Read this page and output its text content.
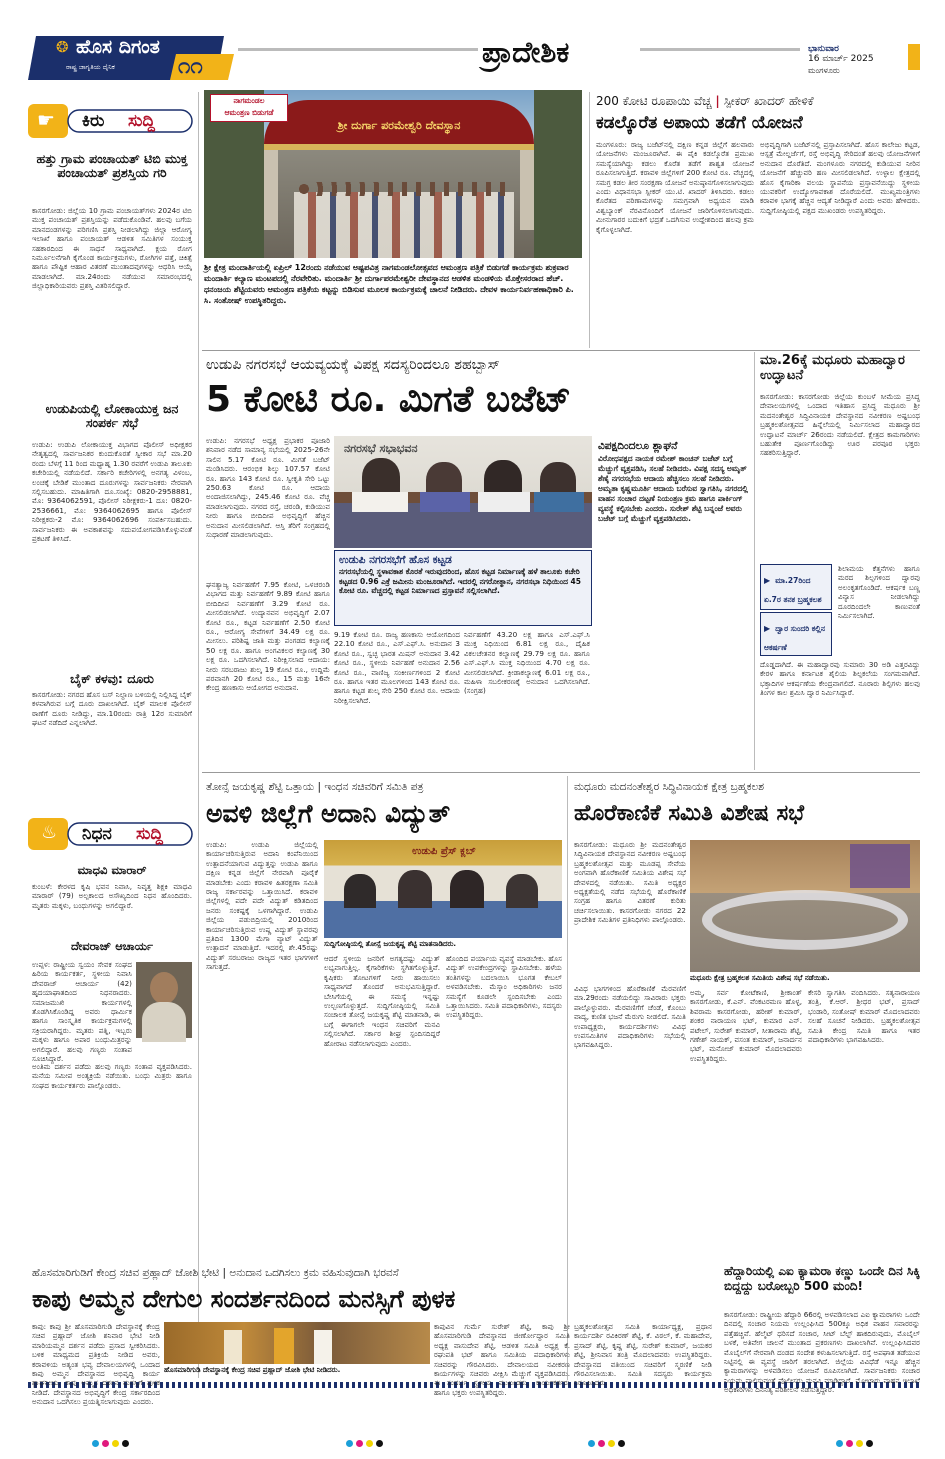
❂ ಹೊಸ ದಿಗಂತ
ರಾಷ್ಟ್ರ ಜಾಗೃತಿಯ ದೈನಿಕ	೧೧	ಪ್ರಾದೇಶಿಕ	ಭಾನುವಾರ
16 ಮಾರ್ಚ್ 2025
ಮಂಗಳೂರು
☛ ಕಿರು ಸುದ್ದಿ
ಹತ್ತು ಗ್ರಾಮ ಪಂಚಾಯತ್ ಟಿಬಿ ಮುಕ್ತ ಪಂಚಾಯತ್ ಪ್ರಶಸ್ತಿಯ ಗರಿ
ಕಾಸರಗೋಡು: ಜಿಲ್ಲೆಯ 10 ಗ್ರಾಮ ಪಂಚಾಯತ್‌ಗಳು 2024ರ ಟಿಬಿ ಮುಕ್ತ ಪಂಚಾಯತ್ ಪ್ರಶಸ್ತಿಯನ್ನು ಪಡೆದುಕೊಂಡಿವೆ. ಹಲವು ಬಗೆಯ ಮಾನದಂಡಗಳನ್ನು ಪರಿಗಣಿಸಿ ಪ್ರಶಸ್ತಿ ನೀಡಲಾಗಿದ್ದು ಜಿಲ್ಲಾ ಆರೋಗ್ಯ ಇಲಾಖೆ ಹಾಗೂ ಪಂಚಾಯತ್ ಆಡಳಿತ ಸಮಿತಿಗಳ ಸಂಯುಕ್ತ ಸಹಕಾರದಿಂದ ಈ ಸಾಧನೆ ಸಾಧ್ಯವಾಗಿದೆ. ಕ್ಷಯ ರೋಗ ನಿರ್ಮೂಲನೆಗಾಗಿ ಕೈಗೊಂಡ ಕಾರ್ಯಕ್ರಮಗಳು, ರೋಗಿಗಳ ಪತ್ತೆ, ಚಿಕಿತ್ಸೆ ಹಾಗೂ ಪೌಷ್ಟಿಕ ಆಹಾರ ವಿತರಣೆ ಮುಂತಾದವುಗಳನ್ನು ಆಧರಿಸಿ ಆಯ್ಕೆ ಮಾಡಲಾಗಿದೆ. ಮಾ.24ರಂದು ನಡೆಯುವ ಸಮಾರಂಭದಲ್ಲಿ ಜಿಲ್ಲಾಧಿಕಾರಿಯವರು ಪ್ರಶಸ್ತಿ ವಿತರಿಸಲಿದ್ದಾರೆ.
ಉಡುಪಿಯಲ್ಲಿ ಲೋಕಾಯುಕ್ತ ಜನ ಸಂಪರ್ಕ ಸಭೆ
ಉಡುಪಿ: ಉಡುಪಿ ಲೋಕಾಯುಕ್ತ ವಿಭಾಗದ ಪೊಲೀಸ್ ಅಧೀಕ್ಷಕರ ನೇತೃತ್ವದಲ್ಲಿ ಸಾರ್ವಜನಿಕರ ಕುಂದುಕೊರತೆ ಸ್ವೀಕಾರ ಸಭೆ ಮಾ.20 ರಂದು ಬೆಳಗ್ಗೆ 11 ರಿಂದ ಮಧ್ಯಾಹ್ನ 1.30 ರವರೆಗೆ ಉಡುಪಿ ತಾಲೂಕು ಕಚೇರಿಯಲ್ಲಿ ನಡೆಯಲಿದೆ. ಸರ್ಕಾರಿ ಕಚೇರಿಗಳಲ್ಲಿ ಅನಗತ್ಯ ವಿಳಂಬ, ಲಂಚಕ್ಕೆ ಬೇಡಿಕೆ ಮುಂತಾದ ದೂರುಗಳನ್ನು ಸಾರ್ವಜನಿಕರು ನೇರವಾಗಿ ಸಲ್ಲಿಸಬಹುದು. ಮಾಹಿತಿಗಾಗಿ ದೂ.ಸಂಖ್ಯೆ: 0820-2958881, ಮೊ: 9364062591, ಪೊಲೀಸ್ ನಿರೀಕ್ಷಕರು-1 ದೂ: 0820-2536661, ಮೊ: 9364062695 ಹಾಗೂ ಪೊಲೀಸ್ ನಿರೀಕ್ಷಕರು-2 ಮೊ: 9364062696 ಸಂಪರ್ಕಿಸಬಹುದು. ಸಾರ್ವಜನಿಕರು ಈ ಅವಕಾಶವನ್ನು ಸದುಪಯೋಗಪಡಿಸಿಕೊಳ್ಳುವಂತೆ ಪ್ರಕಟಣೆ ತಿಳಿಸಿದೆ.
ಬೈಕ್ ಕಳವು: ದೂರು
ಕಾಸರಗೋಡು: ನಗರದ ಹೊಸ ಬಸ್ ನಿಲ್ದಾಣ ಬಳಿಯಲ್ಲಿ ನಿಲ್ಲಿಸಿದ್ದ ಬೈಕ್ ಕಳವಾಗಿರುವ ಬಗ್ಗೆ ದೂರು ದಾಖಲಾಗಿದೆ. ಬೈಕ್ ಮಾಲಕ ಪೊಲೀಸ್ ಠಾಣೆಗೆ ದೂರು ನೀಡಿದ್ದು, ಮಾ.10ರಂದು ರಾತ್ರಿ 12ರ ಸುಮಾರಿಗೆ ಘಟನೆ ನಡೆದಿದೆ ಎನ್ನಲಾಗಿದೆ.
♨ ನಿಧನ ಸುದ್ದಿ
ಮಾಧವಿ ಮಾರಾರ್
ಕುಂಬಳೆ: ಕೇರಳದ ಕೃಷಿ ಭವನ ನಿವಾಸಿ, ನಿವೃತ್ತ ಶಿಕ್ಷಕಿ ಮಾಧವಿ ಮಾರಾರ್ (79) ಅಲ್ಪಕಾಲದ ಅಸೌಖ್ಯದಿಂದ ನಿಧನ ಹೊಂದಿದರು. ಮೃತರು ಮಕ್ಕಳು, ಬಂಧುಗಳನ್ನು ಅಗಲಿದ್ದಾರೆ.
ದೇವರಾಜ್ ಆಚಾರ್ಯ
ಉಪ್ಪಳ: ರಾಷ್ಟ್ರೀಯ ಸ್ವಯಂ ಸೇವಕ ಸಂಘದ ಹಿರಿಯ ಕಾರ್ಯಕರ್ತ, ಸ್ಥಳೀಯ ನಿವಾಸಿ ದೇವರಾಜ್ ಆಚಾರ್ಯ (42) ಹೃದಯಾಘಾತದಿಂದ ನಿಧನರಾದರು. ಸಮಾಜಮುಖಿ ಕಾರ್ಯಗಳಲ್ಲಿ ತೊಡಗಿಸಿಕೊಂಡಿದ್ದ ಅವರು ಧಾರ್ಮಿಕ ಹಾಗೂ ಸಾಂಸ್ಕೃತಿಕ ಕಾರ್ಯಕ್ರಮಗಳಲ್ಲಿ ಸಕ್ರಿಯರಾಗಿದ್ದರು. ಮೃತರು ಪತ್ನಿ, ಇಬ್ಬರು ಮಕ್ಕಳು ಹಾಗೂ ಅಪಾರ ಬಂಧುಮಿತ್ರರನ್ನು ಅಗಲಿದ್ದಾರೆ. ಹಲವು ಗಣ್ಯರು ಸಂತಾಪ ಸೂಚಿಸಿದ್ದಾರೆ.
ಅಂತಿಮ ದರ್ಶನ ಪಡೆದು ಹಲವು ಗಣ್ಯರು ಸಂತಾಪ ವ್ಯಕ್ತಪಡಿಸಿದರು. ಮನೆಯ ಸಮೀಪ ಅಂತ್ಯಕ್ರಿಯೆ ನಡೆಯಿತು. ಬಂಧು ಮಿತ್ರರು ಹಾಗೂ ಸಂಘದ ಕಾರ್ಯಕರ್ತರು ಪಾಲ್ಗೊಂಡರು.
ಶ್ರೀ ದುರ್ಗಾ ಪರಮೇಶ್ವರಿ ದೇವಸ್ಥಾನ
ನಾಗಮಂಡಲ
ಆಮಂತ್ರಣ ಬಿಡುಗಡೆ
ಶ್ರೀ ಕ್ಷೇತ್ರ ಮಂದಾರ್ತಿಯಲ್ಲಿ ಏಪ್ರಿಲ್ 12ರಂದು ನಡೆಯುವ ಅಷ್ಟಪವಿತ್ರ ನಾಗಮಂಡಲೋತ್ಸವದ ಆಮಂತ್ರಣ ಪತ್ರಿಕೆ ಬಿಡುಗಡೆ ಕಾರ್ಯಕ್ರಮ ಶುಕ್ರವಾರ ಮಂದಾರ್ತಿ ಕಲ್ಯಾಣ ಮಂಟಪದಲ್ಲಿ ನೆರವೇರಿತು. ಮಂದಾರ್ತಿ ಶ್ರೀ ದುರ್ಗಾಪರಮೇಶ್ವರೀ ದೇವಸ್ಥಾನದ ಆಡಳಿತ ಮಂಡಳಿಯ ಮೊಕ್ತೇಸರರಾದ ಹೆಚ್. ಧನಂಜಯ ಶೆಟ್ಟಿಯವರು ಆಮಂತ್ರಣ ಪತ್ರಿಕೆಯ ಕಟ್ಟನ್ನು ಬಿಡಿಸುವ ಮೂಲಕ ಕಾರ್ಯಕ್ರಮಕ್ಕೆ ಚಾಲನೆ ನೀಡಿದರು. ದೇವಳ ಕಾರ್ಯನಿರ್ವಹಣಾಧಿಕಾರಿ ಪಿ. ಸಿ. ಸಂತೋಷ್ ಉಪಸ್ಥಿತರಿದ್ದರು.
200 ಕೋಟಿ ರೂಪಾಯಿ ವೆಚ್ಚ | ಸ್ಪೀಕರ್ ಖಾದರ್ ಹೇಳಿಕೆ
ಕಡಲ್ಕೊರೆತ ಅಪಾಯ ತಡೆಗೆ ಯೋಜನೆ
ಮಂಗಳೂರು: ರಾಜ್ಯ ಬಜೆಟ್‌ನಲ್ಲಿ ದಕ್ಷಿಣ ಕನ್ನಡ ಜಿಲ್ಲೆಗೆ ಹಲವಾರು ಯೋಜನೆಗಳು ಮಂಜೂರಾಗಿವೆ. ಈ ಪೈಕಿ ಕಡಲ್ಕೊರೆತ ಪ್ರಮುಖ ಸಮಸ್ಯೆಯಾಗಿದ್ದು ಕಡಲು ಕೊರೆತ ತಡೆಗೆ ಶಾಶ್ವತ ಯೋಜನೆ ರೂಪಿಸಲಾಗುತ್ತಿದೆ. ಕರಾವಳಿ ಜಿಲ್ಲೆಗಳಿಗೆ 200 ಕೋಟಿ ರೂ. ವೆಚ್ಚದಲ್ಲಿ ಸಮಗ್ರ ಕಡಲ ತೀರ ಸಂರಕ್ಷಣಾ ಯೋಜನೆ ಅನುಷ್ಠಾನಗೊಳಿಸಲಾಗುವುದು ಎಂದು ವಿಧಾನಸಭಾ ಸ್ಪೀಕರ್ ಯು.ಟಿ. ಖಾದರ್ ತಿಳಿಸಿದರು. ಕಡಲು ಕೊರೆತದ ಪರಿಣಾಮಗಳನ್ನು ಸಮಗ್ರವಾಗಿ ಅಧ್ಯಯನ ಮಾಡಿ ವಿಶ್ವಬ್ಯಾಂಕ್ ನೆರವಿನೊಂದಿಗೆ ಯೋಜನೆ ಜಾರಿಗೊಳಿಸಲಾಗುವುದು. ಮೀನುಗಾರರ ಬದುಕಿಗೆ ಭದ್ರತೆ ಒದಗಿಸುವ ಉದ್ದೇಶದಿಂದ ಹಲವು ಕ್ರಮ ಕೈಗೊಳ್ಳಲಾಗಿದೆ.
ಅಭಿವೃದ್ಧಿಗಾಗಿ ಬಜೆಟ್‌ನಲ್ಲಿ ಪ್ರಸ್ತಾಪಿಸಲಾಗಿದೆ. ಹೊಸ ಕಾಲೇಜು ಕಟ್ಟಡ, ಆಸ್ಪತ್ರೆ ಮೇಲ್ದರ್ಜೆಗೆ, ರಸ್ತೆ ಅಭಿವೃದ್ಧಿ ಸೇರಿದಂತೆ ಹಲವು ಯೋಜನೆಗಳಿಗೆ ಅನುದಾನ ದೊರೆತಿದೆ. ಮಂಗಳೂರು ನಗರದಲ್ಲಿ ಕುಡಿಯುವ ನೀರಿನ ಯೋಜನೆಗೆ ಹೆಚ್ಚುವರಿ ಹಣ ಮೀಸಲಿಡಲಾಗಿದೆ. ಉಳ್ಳಾಲ ಕ್ಷೇತ್ರದಲ್ಲಿ ಹೊಸ ಕೈಗಾರಿಕಾ ವಲಯ ಸ್ಥಾಪನೆಯ ಪ್ರಸ್ತಾವನೆಯಿದ್ದು ಸ್ಥಳೀಯ ಯುವಕರಿಗೆ ಉದ್ಯೋಗಾವಕಾಶ ದೊರೆಯಲಿದೆ. ಮುಖ್ಯಮಂತ್ರಿಗಳು ಕರಾವಳಿ ಭಾಗಕ್ಕೆ ಹೆಚ್ಚಿನ ಆದ್ಯತೆ ನೀಡಿದ್ದಾರೆ ಎಂದು ಅವರು ಹೇಳಿದರು. ಸುದ್ದಿಗೋಷ್ಠಿಯಲ್ಲಿ ಪಕ್ಷದ ಮುಖಂಡರು ಉಪಸ್ಥಿತರಿದ್ದರು.
ಉಡುಪಿ ನಗರಸಭೆ ಆಯವ್ಯಯಕ್ಕೆ ವಿಪಕ್ಷ ಸದಸ್ಯರಿಂದಲೂ ಶಹಬ್ಬಾಸ್
5 ಕೋಟಿ ರೂ. ಮಿಗತೆ ಬಜೆಟ್
ಉಡುಪಿ: ನಗರಸಭೆ ಅಧ್ಯಕ್ಷ ಪ್ರಭಾಕರ ಪೂಜಾರಿ ಶನಿವಾರ ನಡೆದ ಸಾಮಾನ್ಯ ಸಭೆಯಲ್ಲಿ 2025-26ನೇ ಸಾಲಿನ 5.17 ಕೋಟಿ ರೂ. ಮಿಗತೆ ಬಜೆಟ್ ಮಂಡಿಸಿದರು. ಆರಂಭಿಕ ಶಿಲ್ಕು 107.57 ಕೋಟಿ ರೂ. ಹಾಗೂ 143 ಕೋಟಿ ರೂ. ಸ್ವೀಕೃತಿ ಸೇರಿ ಒಟ್ಟು 250.63 ಕೋಟಿ ರೂ. ಆದಾಯ ಅಂದಾಜಿಸಲಾಗಿದ್ದು, 245.46 ಕೋಟಿ ರೂ. ವೆಚ್ಚ ಮಾಡಲಾಗುವುದು. ನಗರದ ರಸ್ತೆ, ಚರಂಡಿ, ಕುಡಿಯುವ ನೀರು ಹಾಗೂ ಬೀದಿದೀಪ ಅಭಿವೃದ್ಧಿಗೆ ಹೆಚ್ಚಿನ ಅನುದಾನ ಮೀಸಲಿಡಲಾಗಿದೆ. ಆಸ್ತಿ ತೆರಿಗೆ ಸಂಗ್ರಹದಲ್ಲಿ ಸುಧಾರಣೆ ಮಾಡಲಾಗುವುದು.
ಘನತ್ಯಾಜ್ಯ ನಿರ್ವಹಣೆಗೆ 7.95 ಕೋಟಿ, ಒಳಚರಂಡಿ ವಿಭಾಗದ ಮತ್ತು ನಿರ್ವಹಣೆಗೆ 9.89 ಕೋಟಿ ಹಾಗೂ ಬೀದಿದೀಪ ನಿರ್ವಹಣೆಗೆ 3.29 ಕೋಟಿ ರೂ. ಮೀಸಲಿಡಲಾಗಿದೆ. ಉದ್ಯಾನವನ ಅಭಿವೃದ್ಧಿಗೆ 2.07 ಕೋಟಿ ರೂ., ಕಟ್ಟಡ ನಿರ್ವಹಣೆಗೆ 2.50 ಕೋಟಿ ರೂ., ಆರೋಗ್ಯ ಸೇವೆಗಳಿಗೆ 34.49 ಲಕ್ಷ ರೂ. ಮೀಸಲು. ಪರಿಶಿಷ್ಟ ಜಾತಿ ಮತ್ತು ಪಂಗಡದ ಕಲ್ಯಾಣಕ್ಕೆ 50 ಲಕ್ಷ ರೂ. ಹಾಗೂ ಅಂಗವಿಕಲರ ಕಲ್ಯಾಣಕ್ಕೆ 30 ಲಕ್ಷ ರೂ. ಒದಗಿಸಲಾಗಿದೆ. ನಿರೀಕ್ಷಿಸಲಾದ ಆದಾಯ: ನೀರು ಸರಬರಾಜು ಶುಲ್ಕ 19 ಕೋಟಿ ರೂ., ಉದ್ದಿಮೆ ಪರವಾನಗಿ 20 ಕೋಟಿ ರೂ., 15 ಮತ್ತು 16ನೇ ಕೇಂದ್ರ ಹಣಕಾಸು ಆಯೋಗದ ಅನುದಾನ.
ನಗರಸಭೆ ಸಭಾಭವನ
ಉಡುಪಿ ನಗರಸಭೆಗೆ ಹೊಸ ಕಟ್ಟಡ
ನಗರಸಭೆಯಲ್ಲಿ ಸ್ಥಳಾವಕಾಶ ಕೊರತೆ ಇರುವುದರಿಂದ, ಹೊಸ ಕಟ್ಟಡ ನಿರ್ಮಾಣಕ್ಕೆ ಹಳೆ ತಾಲೂಕು ಕಚೇರಿ ಕಟ್ಟಡದ 0.96 ಎಕ್ರೆ ಜಮೀನು ಮಂಜೂರಾಗಿದೆ. ಇದರಲ್ಲಿ ನಗರೋತ್ಥಾನ, ನಗರಸಭಾ ನಿಧಿಯಿಂದ 45 ಕೋಟಿ ರೂ. ವೆಚ್ಚದಲ್ಲಿ ಕಟ್ಟಡ ನಿರ್ಮಾಣದ ಪ್ರಸ್ತಾವನೆ ಸಲ್ಲಿಸಲಾಗಿದೆ.
9.19 ಕೋಟಿ ರೂ. ರಾಜ್ಯ ಹಣಕಾಸು ಆಯೋಗದಿಂದ 22.10 ಕೋಟಿ ರೂ., ಎಸ್.ಎಫ್.ಸಿ. ಅನುದಾನ 3 ಕೋಟಿ ರೂ., ಸ್ವಚ್ಛ ಭಾರತ ಮಿಷನ್ ಅನುದಾನ 3.42 ಕೋಟಿ ರೂ., ಸ್ಥಳೀಯ ನಿರ್ವಹಣೆ ಅನುದಾನ 2.56 ಕೋಟಿ ರೂ., ವಾಣಿಜ್ಯ ಸಂಕೀರ್ಣಗಳಿಂದ 2 ಕೋಟಿ ರೂ. ಹಾಗೂ ಇತರ ಮೂಲಗಳಿಂದ 143 ಕೋಟಿ ರೂ. ಹಾಗೂ ಕಟ್ಟಡ ಶುಲ್ಕ ಸೇರಿ 250 ಕೋಟಿ ರೂ. ಆದಾಯ ನಿರೀಕ್ಷಿಸಲಾಗಿದೆ.
ನಿರ್ವಹಣೆಗೆ 43.20 ಲಕ್ಷ ಹಾಗೂ ಎಸ್.ಎಫ್.ಸಿ ಮುಕ್ತ ನಿಧಿಯಿಂದ 6.81 ಲಕ್ಷ ರೂ., ದೈಹಿಕ ವಿಕಲಚೇತನರ ಕಲ್ಯಾಣಕ್ಕೆ 29.79 ಲಕ್ಷ ರೂ. ಹಾಗೂ ಎಸ್.ಎಫ್.ಸಿ ಮುಕ್ತ ನಿಧಿಯಿಂದ 4.70 ಲಕ್ಷ ರೂ. ಮೀಸಲಿಡಲಾಗಿದೆ. ಕ್ರೀಡಾಕಲ್ಯಾಣಕ್ಕೆ 6.01 ಲಕ್ಷ ರೂ., ಮಹಿಳಾ ಸಬಲೀಕರಣಕ್ಕೆ ಅನುದಾನ ಒದಗಿಸಲಾಗಿದೆ. (ಸಂಗ್ರಹ)
ವಿಪಕ್ಷದಿಂದಲೂ ಶ್ಲಾಘನೆ
ವಿರೋಧಪಕ್ಷದ ನಾಯಕ ರಮೇಶ್ ಕಾಂಚನ್ ಬಜೆಟ್ ಬಗ್ಗೆ ಮೆಚ್ಚುಗೆ ವ್ಯಕ್ತಪಡಿಸಿ, ಸಲಹೆ ನೀಡಿದರು. ವಿಪಕ್ಷ ಸದಸ್ಯ ಅಮೃತ್ ಶೆಣೈ ನಗರಸಭೆಯ ಆದಾಯ ಹೆಚ್ಚಿಸಲು ಸಲಹೆ ನೀಡಿದರು. ಅಮೃತಾ ಕೃಷ್ಣಮೂರ್ತಿ ಆದಾಯ ಬರೆಸುವ ಸ್ವಾಗತಿಸಿ, ನಗರದಲ್ಲಿ ವಾಹನ ಸಂಚಾರ ದಟ್ಟಣೆ ನಿಯಂತ್ರಣ ಕ್ರಮ ಹಾಗೂ ಪಾರ್ಕಿಂಗ್ ವ್ಯವಸ್ಥೆ ಕಲ್ಪಿಸಬೇಕು ಎಂದರು. ಸುರೇಶ್ ಶೆಟ್ಟಿ ಬನ್ನಂಜೆ ಅವರು ಬಜೆಟ್ ಬಗ್ಗೆ ಮೆಚ್ಚುಗೆ ವ್ಯಕ್ತಪಡಿಸಿದರು.
ಮಾ.26ಕ್ಕೆ ಮಧೂರು ಮಹಾದ್ವಾರ ಉದ್ಘಾಟನೆ
ಕಾಸರಗೋಡು: ಕಾಸರಗೋಡು ಜಿಲ್ಲೆಯ ಕುಂಬಳೆ ಸೀಮೆಯ ಪ್ರಸಿದ್ಧ ದೇವಾಲಯಗಳಲ್ಲಿ ಒಂದಾದ ಇತಿಹಾಸ ಪ್ರಸಿದ್ಧ ಮಧೂರು ಶ್ರೀ ಮದನಂತೇಶ್ವರ ಸಿದ್ಧಿವಿನಾಯಕ ದೇವಸ್ಥಾನದ ನವೀಕರಣ ಅಷ್ಟಬಂಧ ಬ್ರಹ್ಮಕಲಶೋತ್ಸವದ ಹಿನ್ನೆಲೆಯಲ್ಲಿ ನಿರ್ಮಿಸಲಾದ ಮಹಾದ್ವಾರದ ಉದ್ಘಾಟನೆ ಮಾರ್ಚ್ 26ರಂದು ನಡೆಯಲಿದೆ. ಕ್ಷೇತ್ರದ ಕಾಮಗಾರಿಗಳು ಬಹುತೇಕ ಪೂರ್ಣಗೊಂಡಿದ್ದು ಊರ ಪರವೂರ ಭಕ್ತರು ಸಹಕರಿಸುತ್ತಿದ್ದಾರೆ.
▶ ಮಾ.27ರಿಂದ ಏ.7ರ ತನಕ ಬ್ರಹ್ಮಕಲಶ
▶ ದ್ವಾರ ಸುಂದರಿ ಕಲ್ಲಿನ ಆಕರ್ಷಣೆ
ಶಿಲಾಮಯ ಕೆತ್ತನೆಗಳು ಹಾಗೂ ಮರದ ಶಿಲ್ಪಗಳಿಂದ ದ್ವಾರವು ಅಲಂಕೃತಗೊಂಡಿದೆ. ಆಕರ್ಷಕ ಬಣ್ಣ ವಿನ್ಯಾಸ ನೀಡಲಾಗಿದ್ದು ದೂರದಿಂದಲೇ ಕಾಣುವಂತೆ ನಿರ್ಮಿಸಲಾಗಿದೆ.
ದೊಡ್ಡದಾಗಿದೆ. ಈ ಮಹಾದ್ವಾರವು ಸುಮಾರು 30 ಅಡಿ ಎತ್ತರವಿದ್ದು ಕೇರಳ ಹಾಗೂ ಕರ್ನಾಟಕ ಶೈಲಿಯ ಶಿಲ್ಪಕಲೆಯ ಸಂಗಮವಾಗಿದೆ. ಭಕ್ತಾದಿಗಳ ಆಕರ್ಷಣೆಯ ಕೇಂದ್ರವಾಗಲಿದೆ. ನೂರಾರು ಶಿಲ್ಪಿಗಳು ಹಲವು ತಿಂಗಳ ಕಾಲ ಶ್ರಮಿಸಿ ದ್ವಾರ ನಿರ್ಮಿಸಿದ್ದಾರೆ.
ತೋನ್ಸೆ ಜಯಕೃಷ್ಣ ಶೆಟ್ಟಿ ಒತ್ತಾಯ | ಇಂಧನ ಸಚಿವರಿಗೆ ಸಮಿತಿ ಪತ್ರ
ಅವಳಿ ಜಿಲ್ಲೆಗೆ ಅದಾನಿ ವಿದ್ಯುತ್
ಉಡುಪಿ: ಉಡುಪಿ ಜಿಲ್ಲೆಯಲ್ಲಿ ಕಾರ್ಯಾಚರಿಸುತ್ತಿರುವ ಅದಾನಿ ಕಂಪೆನಿಯಿಂದ ಉತ್ಪಾದನೆಯಾಗುವ ವಿದ್ಯುತ್ತನ್ನು ಉಡುಪಿ ಹಾಗೂ ದಕ್ಷಿಣ ಕನ್ನಡ ಜಿಲ್ಲೆಗೆ ನೇರವಾಗಿ ಪೂರೈಕೆ ಮಾಡಬೇಕು ಎಂದು ಕರಾವಳಿ ಹಿತರಕ್ಷಣಾ ಸಮಿತಿ ರಾಜ್ಯ ಸರ್ಕಾರವನ್ನು ಒತ್ತಾಯಿಸಿದೆ. ಕರಾವಳಿ ಜಿಲ್ಲೆಗಳಲ್ಲಿ ಪದೇ ಪದೇ ವಿದ್ಯುತ್ ಕಡಿತದಿಂದ ಜನರು ಸಂಕಷ್ಟಕ್ಕೆ ಒಳಗಾಗಿದ್ದಾರೆ. ಉಡುಪಿ ಜಿಲ್ಲೆಯ ಪಡುಬಿದ್ರಿಯಲ್ಲಿ 2010ರಿಂದ ಕಾರ್ಯಾಚರಿಸುತ್ತಿರುವ ಉಷ್ಣ ವಿದ್ಯುತ್ ಸ್ಥಾವರವು ಪ್ರತಿದಿನ 1300 ಮೆಗಾ ವ್ಯಾಟ್ ವಿದ್ಯುತ್ ಉತ್ಪಾದನೆ ಮಾಡುತ್ತಿದೆ. ಇದರಲ್ಲಿ ಶೇ.45ರಷ್ಟು ವಿದ್ಯುತ್ ಸರಬರಾಜು ರಾಜ್ಯದ ಇತರ ಭಾಗಗಳಿಗೆ ಸಾಗುತ್ತದೆ.
ಉಡುಪಿ ಪ್ರೆಸ್ ಕ್ಲಬ್
ಸುದ್ದಿಗೋಷ್ಠಿಯಲ್ಲಿ ತೋನ್ಸೆ ಜಯಕೃಷ್ಣ ಶೆಟ್ಟಿ ಮಾತನಾಡಿದರು.
ಆದರೆ ಸ್ಥಳೀಯ ಜನರಿಗೆ ಅಗತ್ಯದಷ್ಟು ವಿದ್ಯುತ್ ಲಭ್ಯವಾಗುತ್ತಿಲ್ಲ. ಕೈಗಾರಿಕೆಗಳು ಸ್ಥಗಿತಗೊಳ್ಳುತ್ತಿವೆ. ಕೃಷಿಕರು ತೋಟಗಳಿಗೆ ನೀರು ಹಾಯಿಸಲು ಸಾಧ್ಯವಾಗದೆ ತೊಂದರೆ ಅನುಭವಿಸುತ್ತಿದ್ದಾರೆ. ಬೇಸಿಗೆಯಲ್ಲಿ ಈ ಸಮಸ್ಯೆ ಇನ್ನಷ್ಟು ಉಲ್ಬಣಗೊಳ್ಳುತ್ತದೆ. ಸುದ್ದಿಗೋಷ್ಠಿಯಲ್ಲಿ ಸಮಿತಿ ಸಂಚಾಲಕ ತೋನ್ಸೆ ಜಯಕೃಷ್ಣ ಶೆಟ್ಟಿ ಮಾತನಾಡಿ, ಈ ಬಗ್ಗೆ ಈಗಾಗಲೇ ಇಂಧನ ಸಚಿವರಿಗೆ ಮನವಿ ಸಲ್ಲಿಸಲಾಗಿದೆ. ಸರ್ಕಾರ ಶೀಘ್ರ ಸ್ಪಂದಿಸದಿದ್ದರೆ ಹೋರಾಟ ನಡೆಸಲಾಗುವುದು ಎಂದರು.
ಹೊಂದಿದ ಪರ್ಯಾಯ ವ್ಯವಸ್ಥೆ ಮಾಡಬೇಕು. ಹೊಸ ವಿದ್ಯುತ್ ಉಪಕೇಂದ್ರಗಳನ್ನು ಸ್ಥಾಪಿಸಬೇಕು. ಹಳೆಯ ತಂತಿಗಳನ್ನು ಬದಲಾಯಿಸಿ ಭೂಗತ ಕೇಬಲ್ ಅಳವಡಿಸಬೇಕು. ಮೆಸ್ಕಾಂ ಅಧಿಕಾರಿಗಳು ಜನರ ಸಮಸ್ಯೆಗೆ ಕೂಡಲೇ ಸ್ಪಂದಿಸಬೇಕು ಎಂದು ಒತ್ತಾಯಿಸಿದರು. ಸಮಿತಿ ಪದಾಧಿಕಾರಿಗಳು, ಸದಸ್ಯರು ಉಪಸ್ಥಿತರಿದ್ದರು.
ಮಧೂರು ಮದನಂತೇಶ್ವರ ಸಿದ್ಧಿವಿನಾಯಕ ಕ್ಷೇತ್ರ ಬ್ರಹ್ಮಕಲಶ
ಹೊರೆಕಾಣಿಕೆ ಸಮಿತಿ ವಿಶೇಷ ಸಭೆ
ಕಾಸರಗೋಡು: ಮಧೂರು ಶ್ರೀ ಮದನಂತೇಶ್ವರ ಸಿದ್ಧಿವಿನಾಯಕ ದೇವಸ್ಥಾನದ ನವೀಕರಣ ಅಷ್ಟಬಂಧ ಬ್ರಹ್ಮಕಲಶೋತ್ಸವ ಮತ್ತು ಮೂಡಪ್ಪ ಸೇವೆಯ ಅಂಗವಾಗಿ ಹೊರೆಕಾಣಿಕೆ ಸಮಿತಿಯ ವಿಶೇಷ ಸಭೆ ದೇವಳದಲ್ಲಿ ನಡೆಯಿತು. ಸಮಿತಿ ಅಧ್ಯಕ್ಷರ ಅಧ್ಯಕ್ಷತೆಯಲ್ಲಿ ನಡೆದ ಸಭೆಯಲ್ಲಿ ಹೊರೆಕಾಣಿಕೆ ಸಂಗ್ರಹ ಹಾಗೂ ವಿತರಣೆ ಕುರಿತು ಚರ್ಚಿಸಲಾಯಿತು. ಕಾಸರಗೋಡು ನಗರದ 22 ಪ್ರಾದೇಶಿಕ ಸಮಿತಿಗಳ ಪ್ರತಿನಿಧಿಗಳು ಪಾಲ್ಗೊಂಡರು.
ಮಧೂರು ಕ್ಷೇತ್ರ ಬ್ರಹ್ಮಕಲಶ ಸಮಿತಿಯ ವಿಶೇಷ ಸಭೆ ನಡೆಯಿತು.
ವಿವಿಧ ಭಾಗಗಳಿಂದ ಹೊರೆಕಾಣಿಕೆ ಮೆರವಣಿಗೆ ಮಾ.29ರಂದು ನಡೆಯಲಿದ್ದು ಸಾವಿರಾರು ಭಕ್ತರು ಪಾಲ್ಗೊಳ್ಳುವರು. ಮೆರವಣಿಗೆಗೆ ಚೆಂಡೆ, ಕೊಂಬು ವಾದ್ಯ, ಕುಣಿತ ಭಜನೆ ಮೆರುಗು ನೀಡಲಿದೆ. ಸಮಿತಿ ಉಪಾಧ್ಯಕ್ಷರು, ಕಾರ್ಯದರ್ಶಿಗಳು ವಿವಿಧ ಉಪಸಮಿತಿಗಳ ಪದಾಧಿಕಾರಿಗಳು ಸಭೆಯಲ್ಲಿ ಭಾಗವಹಿಸಿದ್ದರು.
ಅಮ್ಮ, ಸರ್ವ ಕೋಟೆಕಾಣಿ, ಶ್ರೀಕಾಂತ್ ಕಾಸರಗೋಡು, ಕೆ.ಎನ್. ವೆಂಕಟರಮಣ ಹೊಳ್ಳ, ಶಿವರಾಮ ಕಾಸರಗೋಡು, ಹರೀಶ್ ಕುಮಾರ್, ಶಂಕರ ನಾರಾಯಣ ಭಟ್, ಕುಮಾರ ಎನ್. ಪಟೇಲ್, ಸುರೇಶ್ ಕುಮಾರ್, ಸೀತಾರಾಮ ಶೆಟ್ಟಿ, ಗಣೇಶ್ ನಾಯಕ್, ವಸಂತ ಕುಮಾರ್, ಜನಾರ್ದನ ಭಟ್, ಮನೋಜ್ ಕುಮಾರ್ ಮೊದಲಾದವರು ಉಪಸ್ಥಿತರಿದ್ದರು.
ಕೇಸರಿ ಸ್ವಾಗತಿಸಿ ವಂದಿಸಿದರು. ಸತ್ಯನಾರಾಯಣ ತಂತ್ರಿ, ಕೆ.ಆರ್. ಶ್ರೀಧರ ಭಟ್, ಪ್ರಸಾದ್ ಭಂಡಾರಿ, ಸಂತೋಷ್ ಕುಮಾರ್ ಮೊದಲಾದವರು ಸಲಹೆ ಸೂಚನೆ ನೀಡಿದರು. ಬ್ರಹ್ಮಕಲಶೋತ್ಸವ ಸಮಿತಿ ಕೇಂದ್ರ ಸಮಿತಿ ಹಾಗೂ ಇತರ ಪದಾಧಿಕಾರಿಗಳು ಭಾಗವಹಿಸಿದರು.
ಹೊಸಮಾರಿಗುಡಿಗೆ ಕೇಂದ್ರ ಸಚಿವ ಪ್ರಹ್ಲಾದ್ ಜೋಶಿ ಭೇಟಿ | ಅನುದಾನ ಒದಗಿಸಲು ಕ್ರಮ ವಹಿಸುವುದಾಗಿ ಭರವಸೆ
ಕಾಪು ಅಮ್ಮನ ದೇಗುಲ ಸಂದರ್ಶನದಿಂದ ಮನಸ್ಸಿಗೆ ಪುಳಕ
ಕಾಪು: ಕಾಪು ಶ್ರೀ ಹೊಸಮಾರಿಗುಡಿ ದೇವಸ್ಥಾನಕ್ಕೆ ಕೇಂದ್ರ ಸಚಿವ ಪ್ರಹ್ಲಾದ್ ಜೋಶಿ ಶನಿವಾರ ಭೇಟಿ ನೀಡಿ ಮಾರಿಯಮ್ಮನ ದರ್ಶನ ಪಡೆದು ಪ್ರಸಾದ ಸ್ವೀಕರಿಸಿದರು. ಬಳಿಕ ಮಾಧ್ಯಮದ ಪ್ರತಿಕ್ರಿಯೆ ನೀಡಿದ ಅವರು, ಕರಾವಳಿಯ ಅತ್ಯಂತ ಭವ್ಯ ದೇವಾಲಯಗಳಲ್ಲಿ ಒಂದಾದ ಕಾಪು ಅಮ್ಮನ ದೇವಸ್ಥಾನದ ಅಭಿವೃದ್ಧಿ ಕಾರ್ಯ ಶ್ಲಾಘನೀಯ. ಕಾಪು ಅಮ್ಮನ ದರ್ಶನ ಮನಸ್ಸಿಗೆ ಪುಳಕ ನೀಡಿದೆ. ದೇವಸ್ಥಾನದ ಅಭಿವೃದ್ಧಿಗೆ ಕೇಂದ್ರ ಸರ್ಕಾರದಿಂದ ಅನುದಾನ ಒದಗಿಸಲು ಪ್ರಯತ್ನಿಸಲಾಗುವುದು ಎಂದರು.
ಹೊಸಮಾರಿಗುಡಿ ದೇವಸ್ಥಾನಕ್ಕೆ ಕೇಂದ್ರ ಸಚಿವ ಪ್ರಹ್ಲಾದ್ ಜೋಶಿ ಭೇಟಿ ನೀಡಿದರು.
ಕಾಪುವಿನ ಗುರ್ಮೆ ಸುರೇಶ್ ಶೆಟ್ಟಿ, ಕಾಪು ಶ್ರೀ ಹೊಸಮಾರಿಗುಡಿ ದೇವಸ್ಥಾನದ ಜೀರ್ಣೋದ್ಧಾರ ಸಮಿತಿ ಅಧ್ಯಕ್ಷ ವಾಸುದೇವ ಶೆಟ್ಟಿ, ಆಡಳಿತ ಸಮಿತಿ ಅಧ್ಯಕ್ಷ ಕೆ. ರಘುಪತಿ ಭಟ್ ಹಾಗೂ ಸಮಿತಿಯ ಪದಾಧಿಕಾರಿಗಳು ಸಚಿವರನ್ನು ಗೌರವಿಸಿದರು. ದೇವಾಲಯದ ನವೀಕರಣ ಕಾರ್ಯಗಳನ್ನು ಸಚಿವರು ವೀಕ್ಷಿಸಿ ಮೆಚ್ಚುಗೆ ವ್ಯಕ್ತಪಡಿಸಿದರು. ಈ ಸಂದರ್ಭ ಸ್ಥಳೀಯ ಮುಖಂಡರು, ಕಾರ್ಯಕರ್ತರು ಹಾಗೂ ಭಕ್ತರು ಉಪಸ್ಥಿತರಿದ್ದರು.
ಬ್ರಹ್ಮಕಲಶೋತ್ಸವ ಸಮಿತಿ ಕಾರ್ಯಾಧ್ಯಕ್ಷ, ಪ್ರಧಾನ ಕಾರ್ಯದರ್ಶಿ ರವಿಕಿರಣ್ ಶೆಟ್ಟಿ, ಕೆ. ವಿಠಲ್, ಕೆ. ಮಹಾದೇವ, ಪ್ರಸಾದ್ ಶೆಟ್ಟಿ, ಕೃಷ್ಣ ಶೆಟ್ಟಿ, ಸುರೇಶ್ ಕುಮಾರ್, ಜಯಕರ ಶೆಟ್ಟಿ, ಶ್ರೀನಿವಾಸ ತಂತ್ರಿ ಮೊದಲಾದವರು ಉಪಸ್ಥಿತರಿದ್ದರು. ದೇವಸ್ಥಾನದ ವತಿಯಿಂದ ಸಚಿವರಿಗೆ ಸ್ಮರಣಿಕೆ ನೀಡಿ ಗೌರವಿಸಲಾಯಿತು. ಸಮಿತಿ ಸದಸ್ಯರು ಕಾರ್ಯಕ್ರಮ ನಿರೂಪಿಸಿದರು.
ಹೆದ್ದಾರಿಯಲ್ಲಿ ಎಐ ಕ್ಯಾಮರಾ ಕಣ್ಣು ಒಂದೇ ದಿನ ಸಿಕ್ಕಿ ಬಿದ್ದದ್ದು ಬರೋಬ್ಬರಿ 500 ಮಂದಿ!
ಕಾಸರಗೋಡು: ರಾಷ್ಟ್ರೀಯ ಹೆದ್ದಾರಿ 66ರಲ್ಲಿ ಅಳವಡಿಸಲಾದ ಎಐ ಕ್ಯಾಮರಾಗಳು ಒಂದೇ ದಿನದಲ್ಲಿ ಸಂಚಾರ ನಿಯಮ ಉಲ್ಲಂಘಿಸಿದ 500ಕ್ಕೂ ಅಧಿಕ ವಾಹನ ಸವಾರರನ್ನು ಪತ್ತೆಹಚ್ಚಿವೆ. ಹೆಲ್ಮೆಟ್ ಧರಿಸದೆ ಸಂಚಾರ, ಸೀಟ್ ಬೆಲ್ಟ್ ಹಾಕದಿರುವುದು, ಮೊಬೈಲ್ ಬಳಕೆ, ಅತಿವೇಗ ಚಾಲನೆ ಮುಂತಾದ ಪ್ರಕರಣಗಳು ದಾಖಲಾಗಿವೆ. ಉಲ್ಲಂಘಿಸಿದವರ ಮೊಬೈಲ್‌ಗೆ ನೇರವಾಗಿ ದಂಡದ ಸಂದೇಶ ಕಳುಹಿಸಲಾಗುತ್ತಿದೆ. ರಸ್ತೆ ಅಪಘಾತ ತಡೆಯುವ ನಿಟ್ಟಿನಲ್ಲಿ ಈ ವ್ಯವಸ್ಥೆ ಜಾರಿಗೆ ತರಲಾಗಿದೆ. ಜಿಲ್ಲೆಯ ವಿವಿಧೆಡೆ ಇನ್ನೂ ಹೆಚ್ಚಿನ ಕ್ಯಾಮರಾಗಳನ್ನು ಅಳವಡಿಸಲು ಯೋಜನೆ ರೂಪಿಸಲಾಗಿದೆ. ಸಾರ್ವಜನಿಕರು ಸಂಚಾರ ನಿಯಮ ಪಾಲಿಸುವಂತೆ ಪೊಲೀಸರು ಮನವಿ ಮಾಡಿದ್ದಾರೆ. ಮೋಟಾರು ವಾಹನ ಇಲಾಖೆ ಅಧಿಕಾರಿಗಳು ದಿನನಿತ್ಯ ಪರಿಶೀಲನೆ ನಡೆಸುತ್ತಿದ್ದಾರೆ.
